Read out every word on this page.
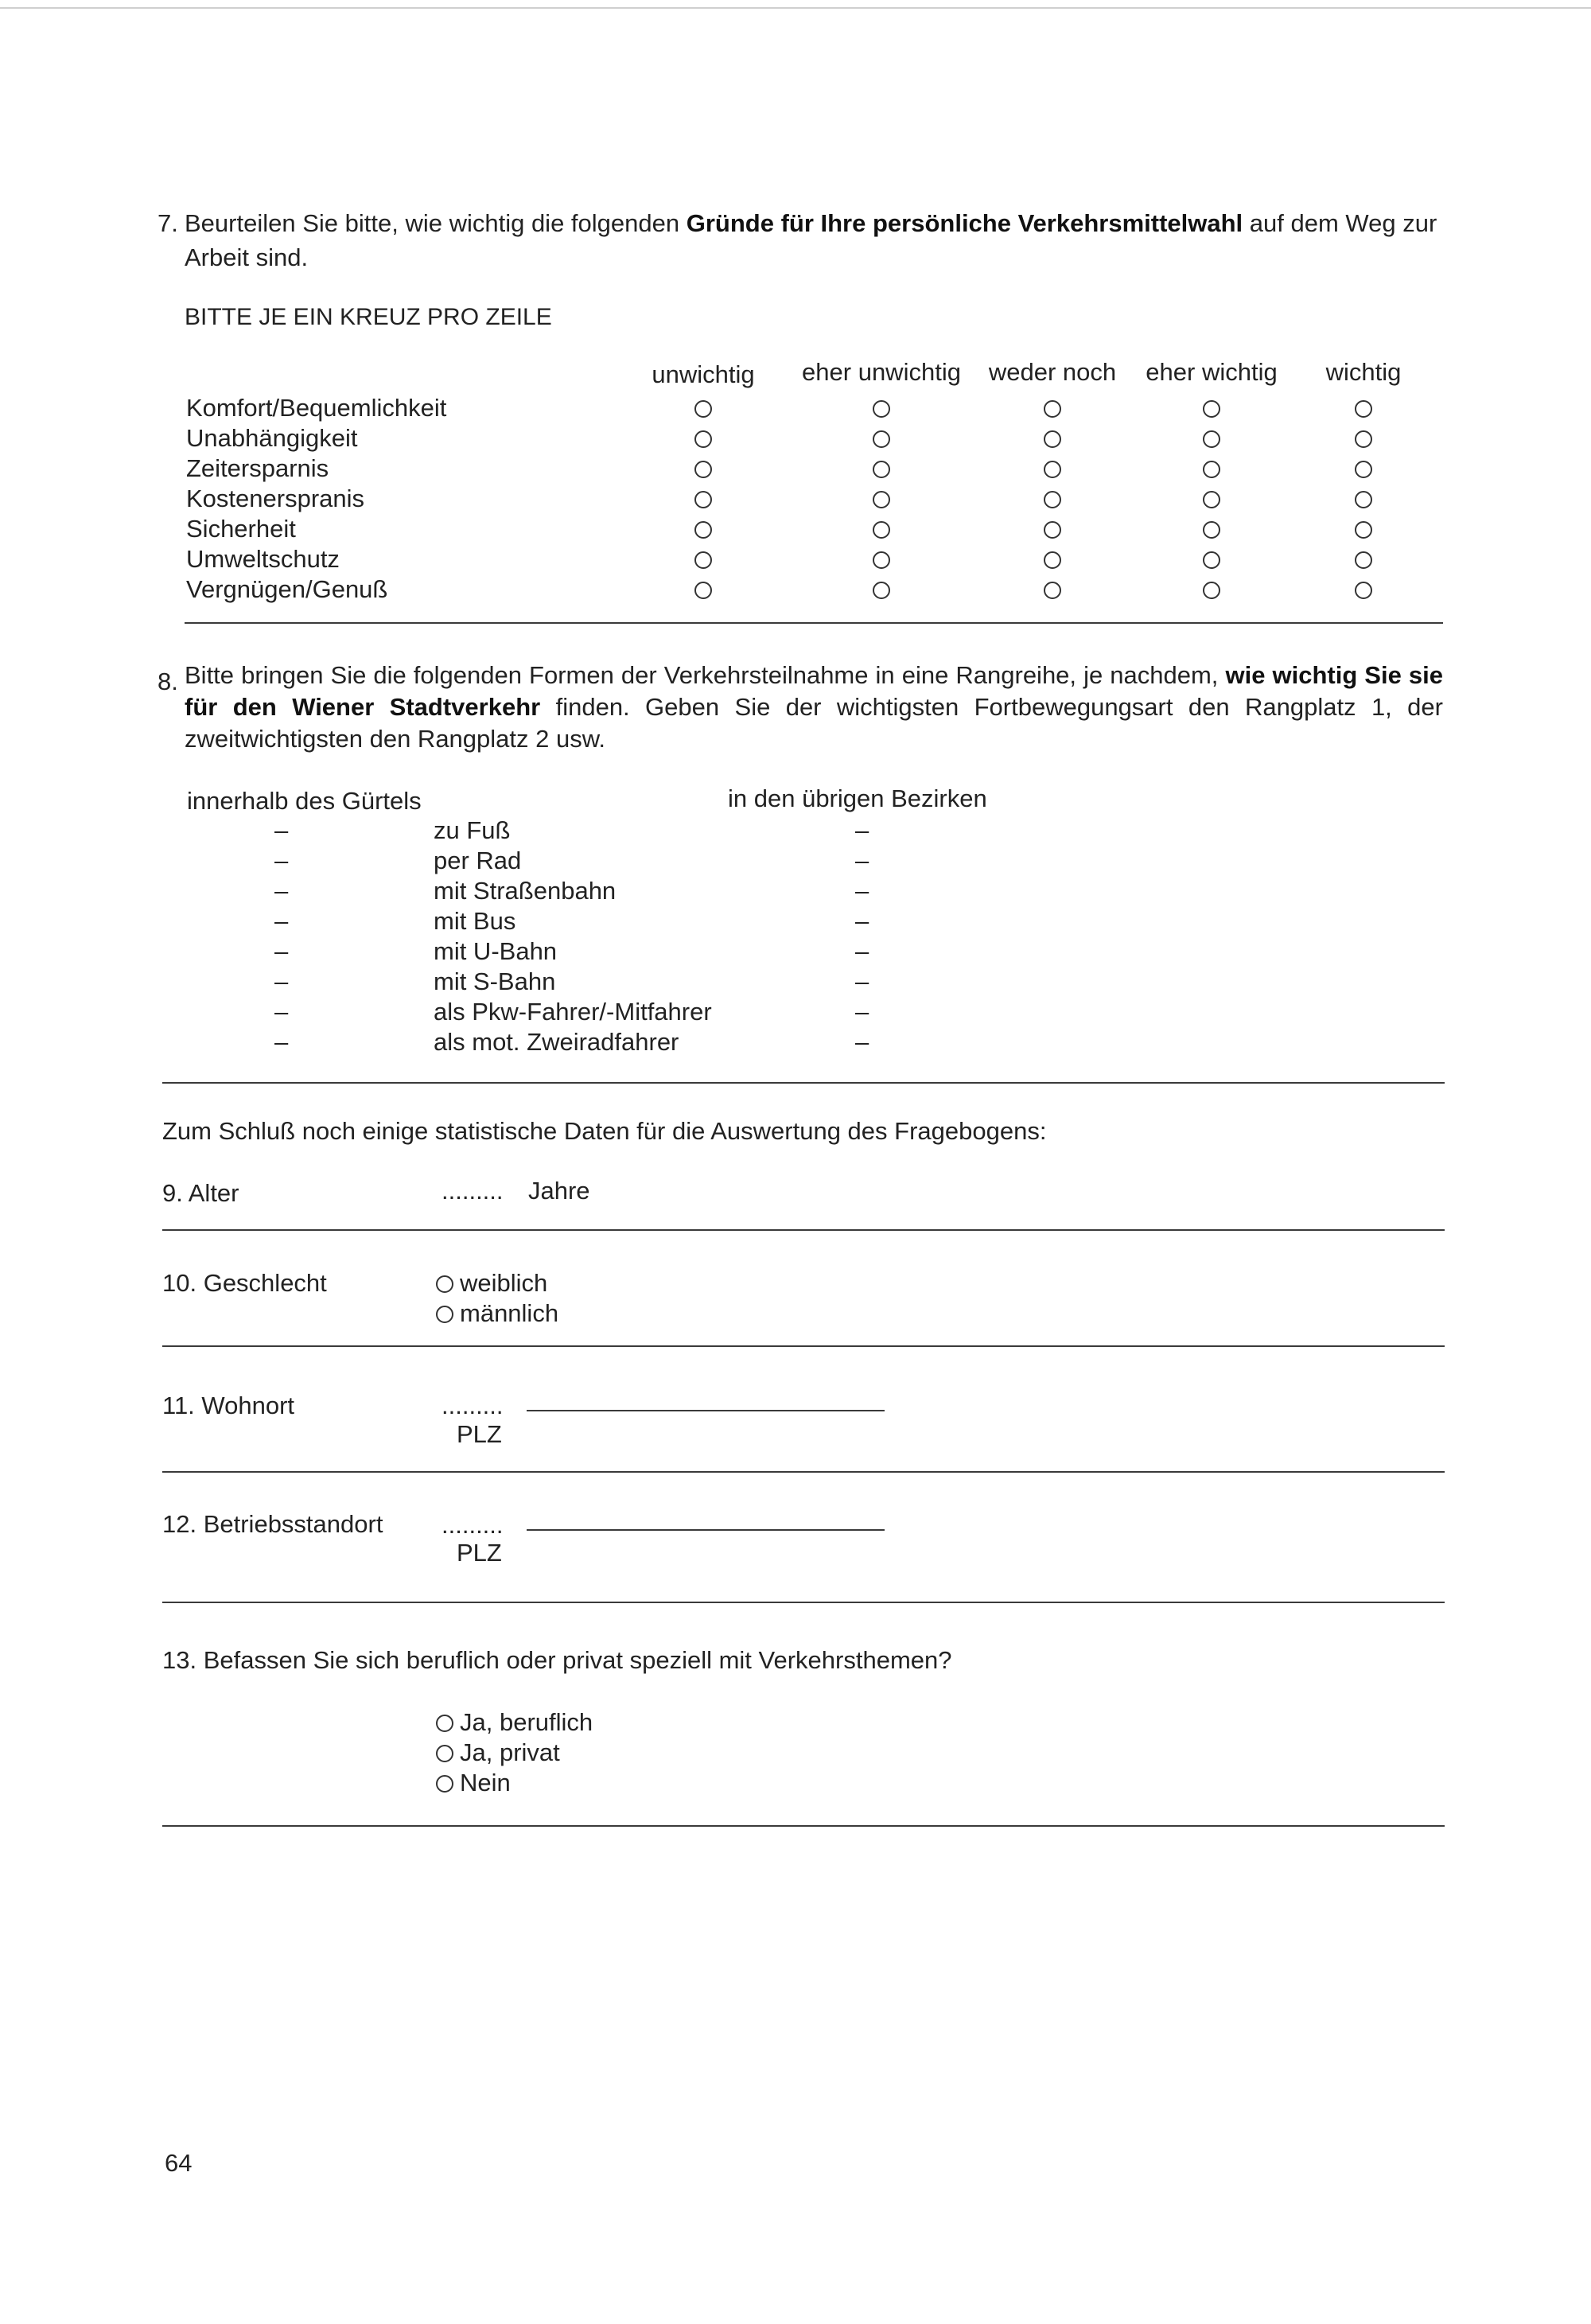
7. Beurteilen Sie bitte, wie wichtig die folgenden Gründe für Ihre persönliche Verkehrsmittelwahl auf dem Weg zur
Arbeit sind.
BITTE JE EIN KREUZ PRO ZEILE
unwichtig	eher unwichtig	weder noch	eher wichtig	wichtig
Komfort/Bequemlichkeit
Unabhängigkeit
Zeitersparnis
Kostenerspranis
Sicherheit
Umweltschutz
Vergnügen/Genuß
8. Bitte bringen Sie die folgenden Formen der Verkehrsteilnahme in eine Rangreihe, je nachdem, wie wichtig Sie sie für den Wiener Stadtverkehr finden. Geben Sie der wichtigsten Fortbewegungsart den Rangplatz 1, der zweitwichtigsten den Rangplatz 2 usw.
innerhalb des Gürtels	in den übrigen Bezirken
–	zu Fuß	–
–	per Rad	–
–	mit Straßenbahn	–
–	mit Bus	–
–	mit U-Bahn	–
–	mit S-Bahn	–
–	als Pkw-Fahrer/-Mitfahrer	–
–	als mot. Zweiradfahrer	–
Zum Schluß noch einige statistische Daten für die Auswertung des Fragebogens:
9. Alter	......... Jahre
10. Geschlecht	weiblich
männlich
11. Wohnort	.........
PLZ
12. Betriebsstandort .........
PLZ
13. Befassen Sie sich beruflich oder privat speziell mit Verkehrsthemen?
Ja, beruflich
Ja, privat
Nein
64
